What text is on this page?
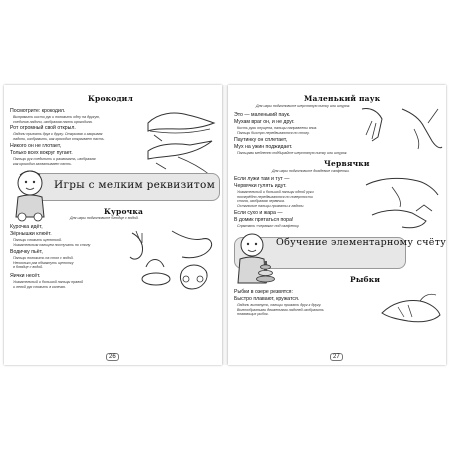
Крокодил
Посмотрите: крокодил.
Выпрямить кисти рук и положить одну на другую,
соединив ладони, изображая пасть крокодила.
Рот огромный свой открыл.
Ладони прижать друг к другу. Открывая и закрывая
ладони, изобразить, как крокодил открывает пасть.
Никого он не глотает,
Только всех вокруг пугает.
Пальцы рук соединить и разжимать, изображая
как крокодил захватывает пасть.
Игры с мелким реквизитом
Курочка
Для игры подготовьте блюдце с водой.
Курочка идёт,
Зёрнышки клюёт.
Пальцы сложить щепоткой.
Указательным пальцем постучать по столу
Водичку пьёт,
Пальцы положить на стол с водой.
Несколько раз обмакнуть щепотку
в блюдце с водой.
Яички несёт.
Указательный и большой пальцы правой
и левой рук сложить в колечко.
26
Маленький паук
Для игры подготовьте шерстяную нитку или шнурок.
Это — маленький паук.
Мухам враг он, и не друг.
Кисть руки опущена, пальцы направлены вниз.
Пальцы быстро передвигаются по столу.
Паутинку он сплетает,
Мух на ужин поджидает.
Пальцами медленно подбирайте шерстяную нитку или шнурок.
Червячки
Для игры подготовьте дождевые салфетки.
Если лужи там и тут —
Червячки гулять идут.
Указательный и большой пальцы одной руки
поочерёдно передвигаются по поверхности
стола, изображая червячка.
Остальные пальцы прижаты к ладони.
Если сухо и жара —
В домик прятаться пора!
Спрятать «червяка» под салфетку.
Обучение элементарному счёту
Рыбки
Рыбки в озере резвятся:
Быстро плавают, кружатся.
Ладонь вытянуть, пальцы прижать друг к другу.
Волнообразными движениями ладоней изобразить
плавающих рыбок.
27
